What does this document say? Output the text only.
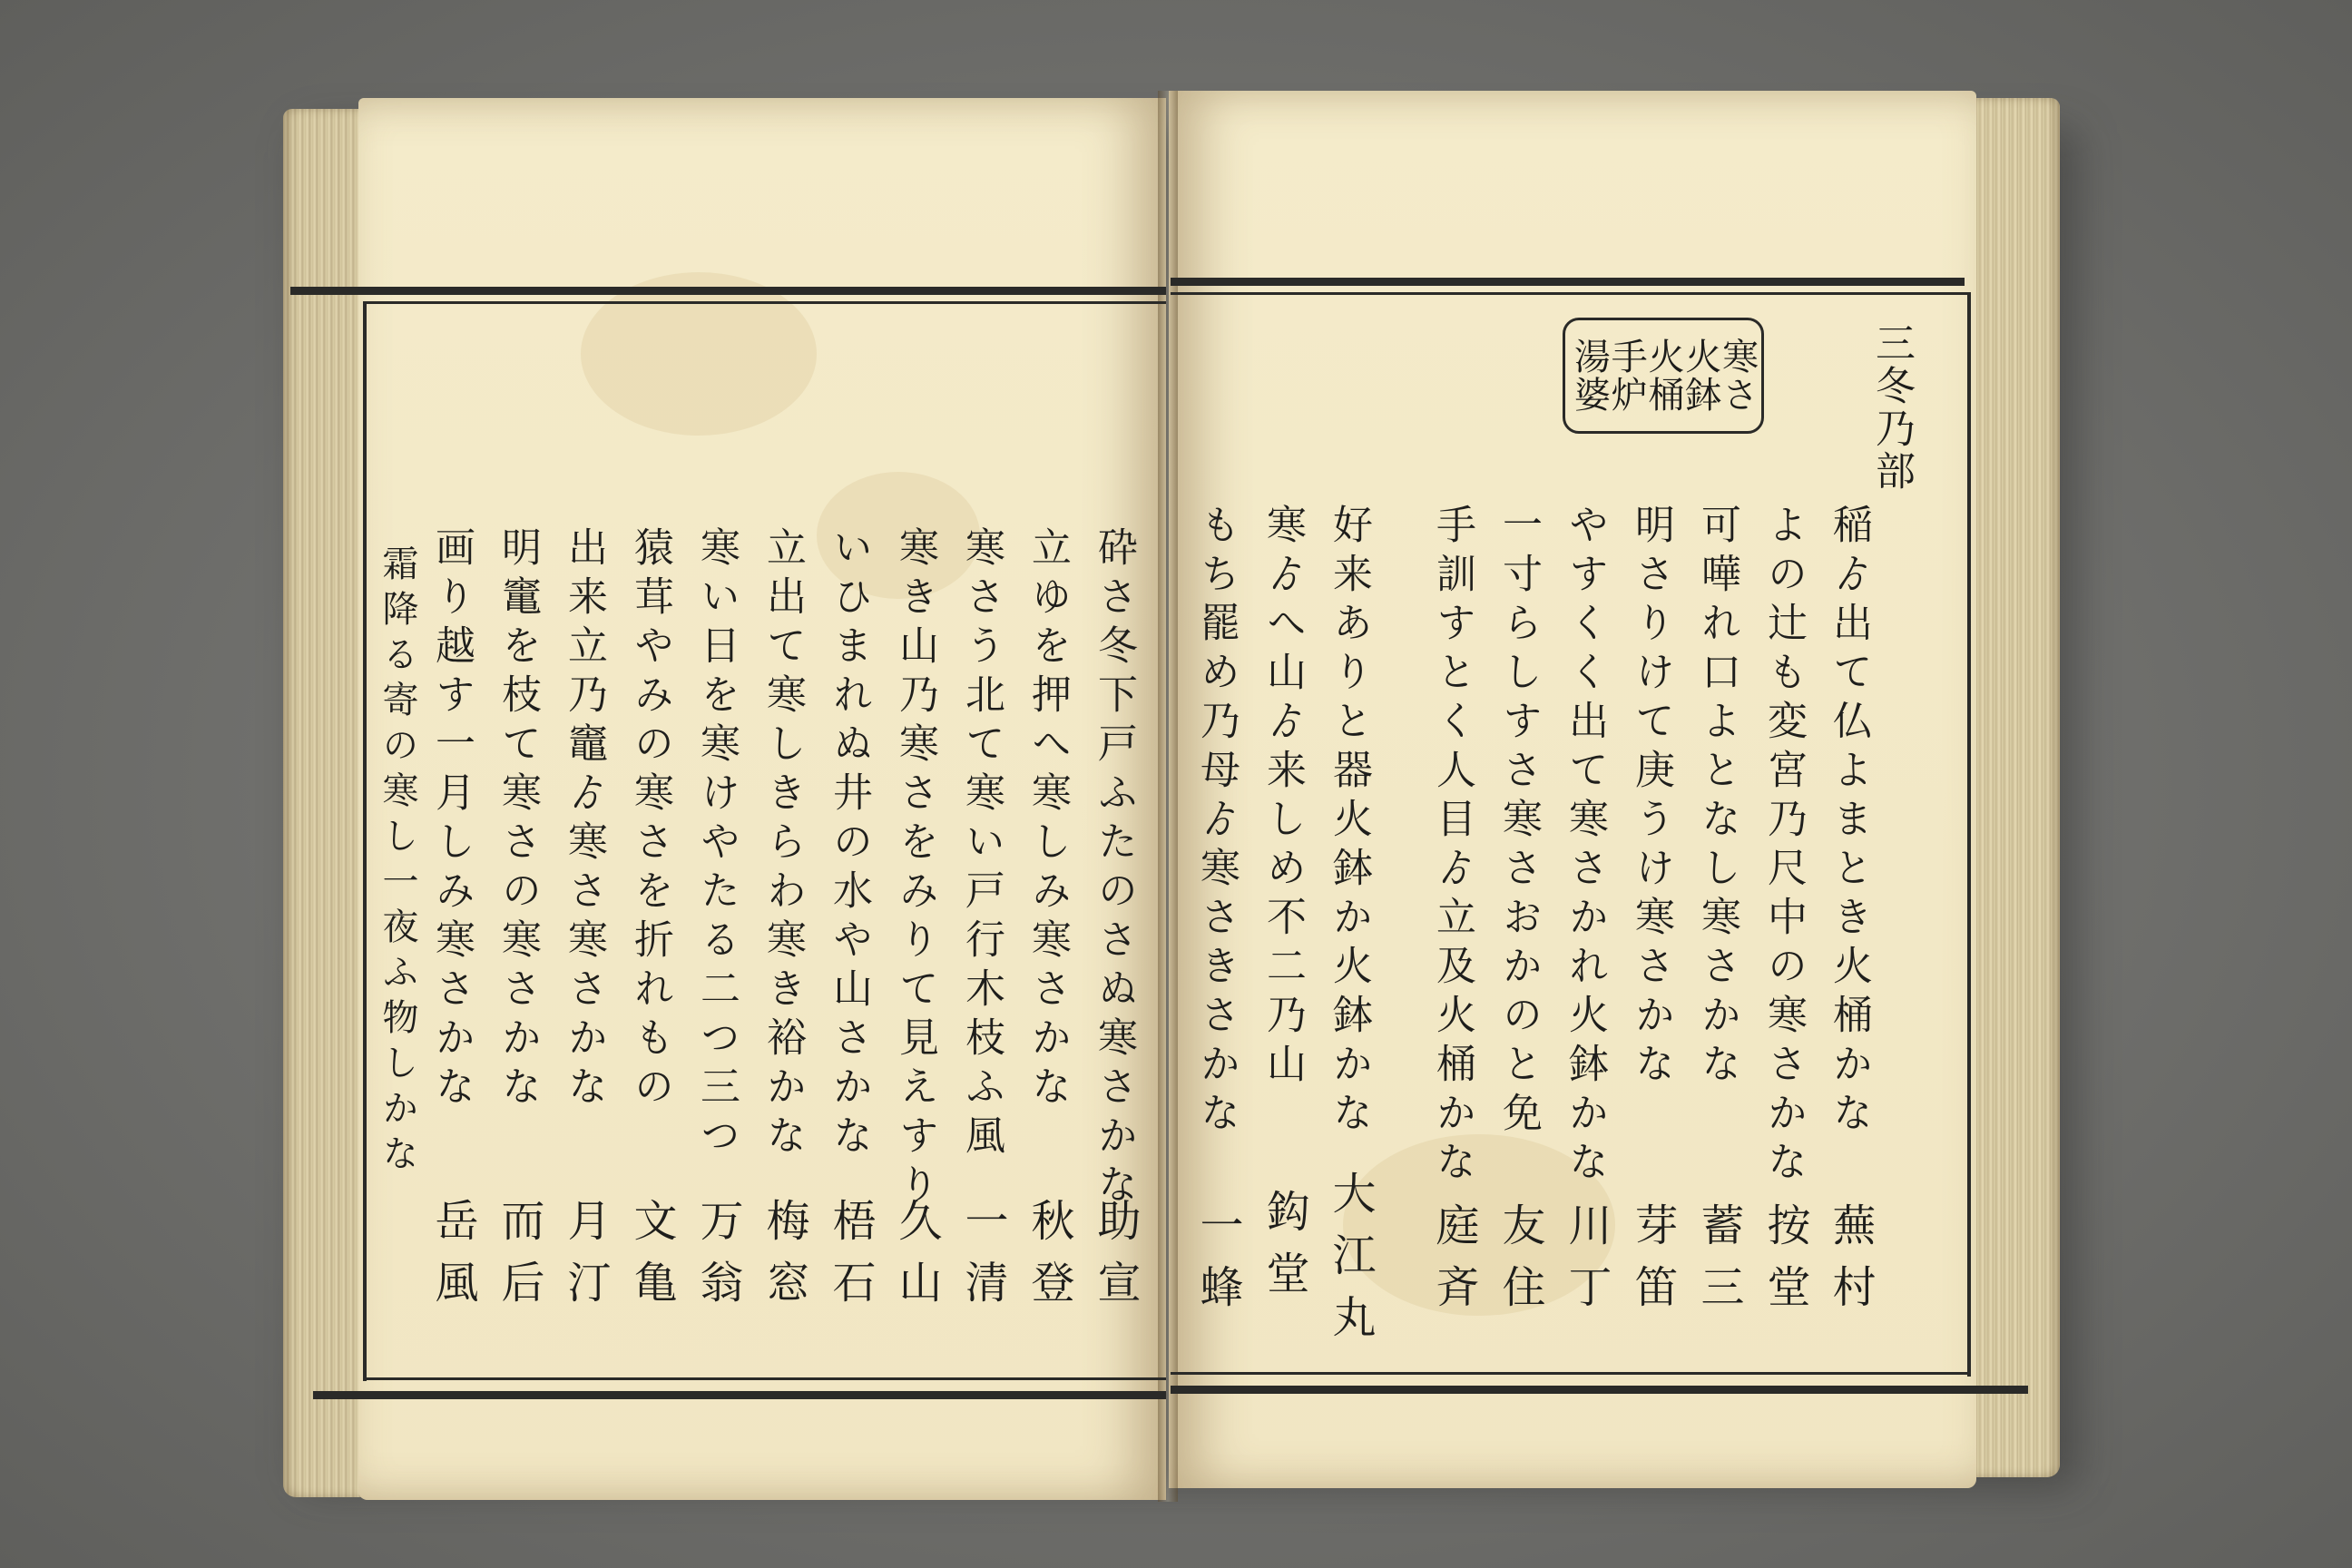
寒さ
火鉢
火桶
手炉
湯婆	三冬乃部
稲ゟ出て仏よまとき火桶かな
よの辻も変宮乃尺中の寒さかな
可嘩れ口よとなし寒さかな
明さりけて庚うけ寒さかな
やすくく出て寒さかれ火鉢かな
一寸らしすさ寒さおかのと免
手訓すとく人目ゟ立及火桶かな
好来ありと器火鉢か火鉢かな
寒ゟへ山ゟ来しめ不二乃山
もち罷め乃母ゟ寒さきさかな
蕪村
按堂
蓄三
芽笛
川丁
友住
庭斉
大江丸
鈎堂
一蜂
砕さ冬下戸ふたのさぬ寒さかな
立ゆを押へ寒しみ寒さかな
寒さう北て寒い戸行木枝ふ風
寒き山乃寒さをみりて見えすり
いひまれぬ井の水や山さかな
立出て寒しきらわ寒き裕かな
寒い日を寒けやたる二つ三つ
猿茸やみの寒さを折れもの
出来立乃竈ゟ寒さ寒さかな
明竃を枝て寒さの寒さかな
画り越す一月しみ寒さかな
霜降る寄の寒し一夜ふ物しかな
助宣
秋登
一清
久山
梧石
梅窓
万翁
文亀
月汀
而后
岳風
